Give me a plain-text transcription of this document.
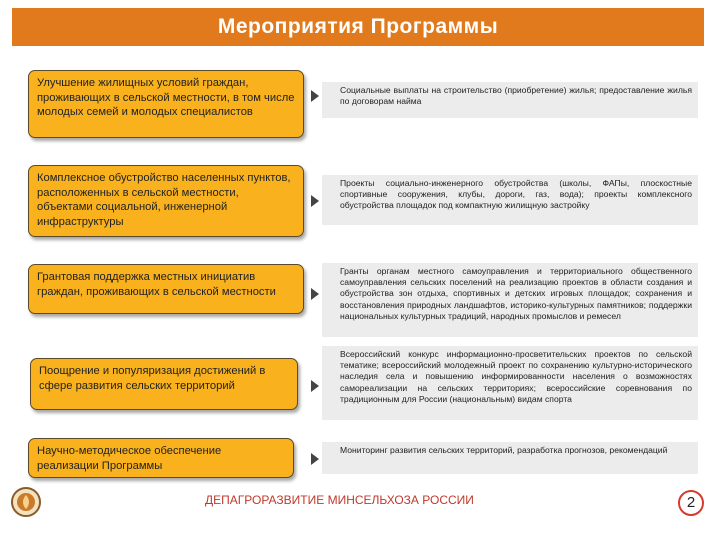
Мероприятия Программы
Улучшение жилищных условий граждан, проживающих в сельской местности, в том числе молодых семей и молодых специалистов
Социальные выплаты на строительство (приобретение) жилья; предоставление жилья по договорам найма
Комплексное обустройство населенных пунктов, расположенных в сельской местности, объектами социальной, инженерной инфраструктуры
Проекты социально-инженерного обустройства (школы, ФАПы, плоскостные спортивные сооружения, клубы, дороги, газ, вода); проекты комплексного обустройства площадок под компактную жилищную застройку
Грантовая поддержка местных инициатив граждан, проживающих в сельской местности
Гранты органам местного самоуправления и территориального общественного самоуправления сельских поселений на реализацию проектов в области создания и обустройства зон отдыха, спортивных и детских игровых площадок; сохранения и восстановления природных ландшафтов, историко-культурных памятников; поддержки национальных культурных традиций, народных промыслов и ремесел
Поощрение и популяризация достижений в сфере развития сельских территорий
Всероссийский конкурс информационно-просветительских проектов по сельской тематике; всероссийский молодежный проект по сохранению культурно-исторического наследия села и повышению информированности населения о возможностях самореализации на сельских территориях; всероссийские соревнования по традиционным для России (национальным) видам спорта
Научно-методическое обеспечение реализации Программы
Мониторинг развития сельских территорий, разработка прогнозов, рекомендаций
ДЕПАГРОРАЗВИТИЕ МИНСЕЛЬХОЗА РОССИИ	2
